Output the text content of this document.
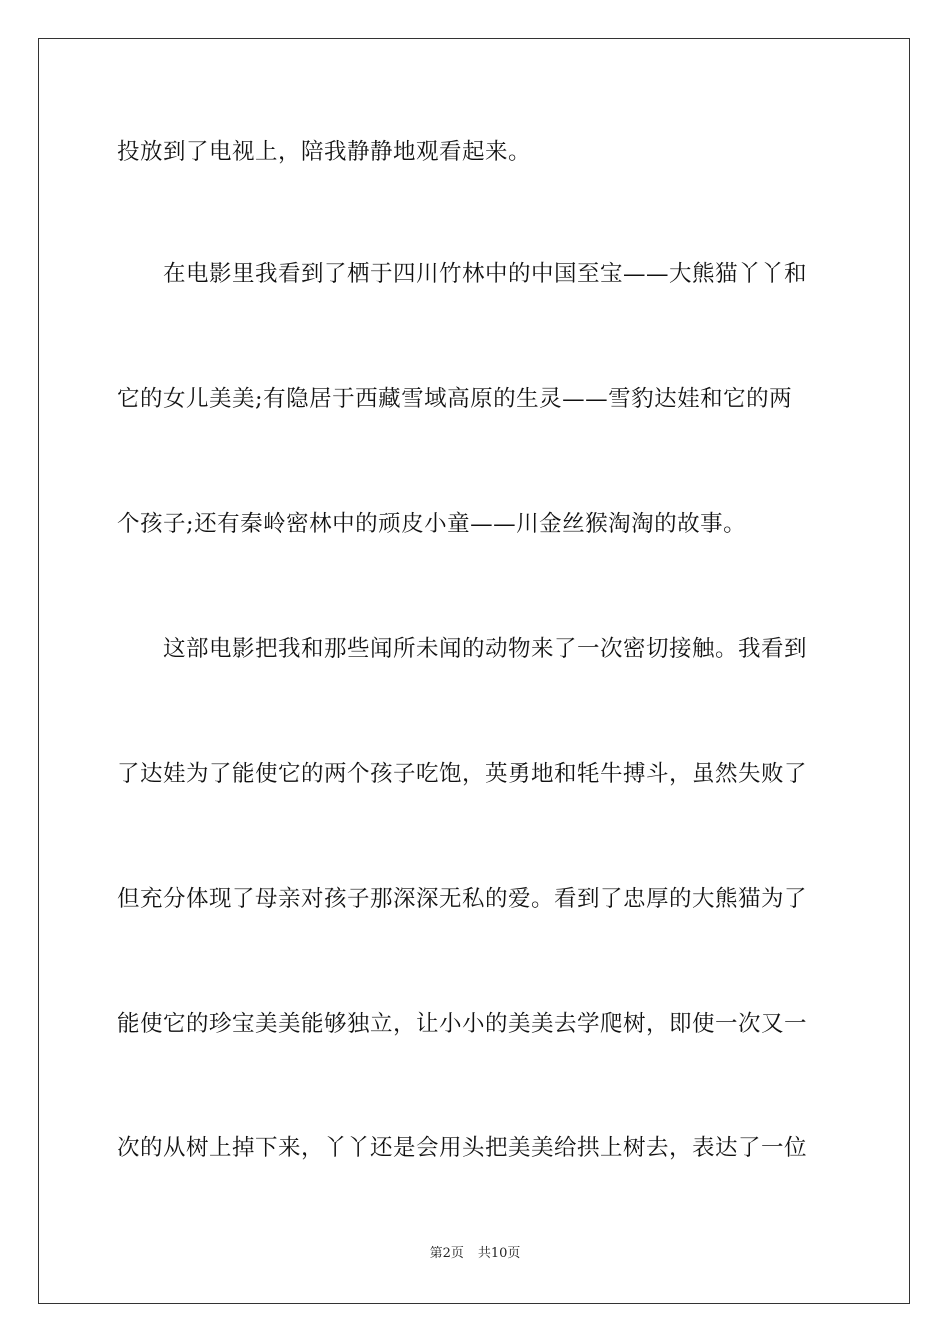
投放到了电视上，陪我静静地观看起来。
在电影里我看到了栖于四川竹林中的中国至宝——大熊猫丫丫和
它的女儿美美;有隐居于西藏雪域高原的生灵——雪豹达娃和它的两
个孩子;还有秦岭密林中的顽皮小童——川金丝猴淘淘的故事。
这部电影把我和那些闻所未闻的动物来了一次密切接触。我看到
了达娃为了能使它的两个孩子吃饱，英勇地和牦牛搏斗，虽然失败了
但充分体现了母亲对孩子那深深无私的爱。看到了忠厚的大熊猫为了
能使它的珍宝美美能够独立，让小小的美美去学爬树，即使一次又一
次的从树上掉下来，丫丫还是会用头把美美给拱上树去，表达了一位
第2页 共10页
